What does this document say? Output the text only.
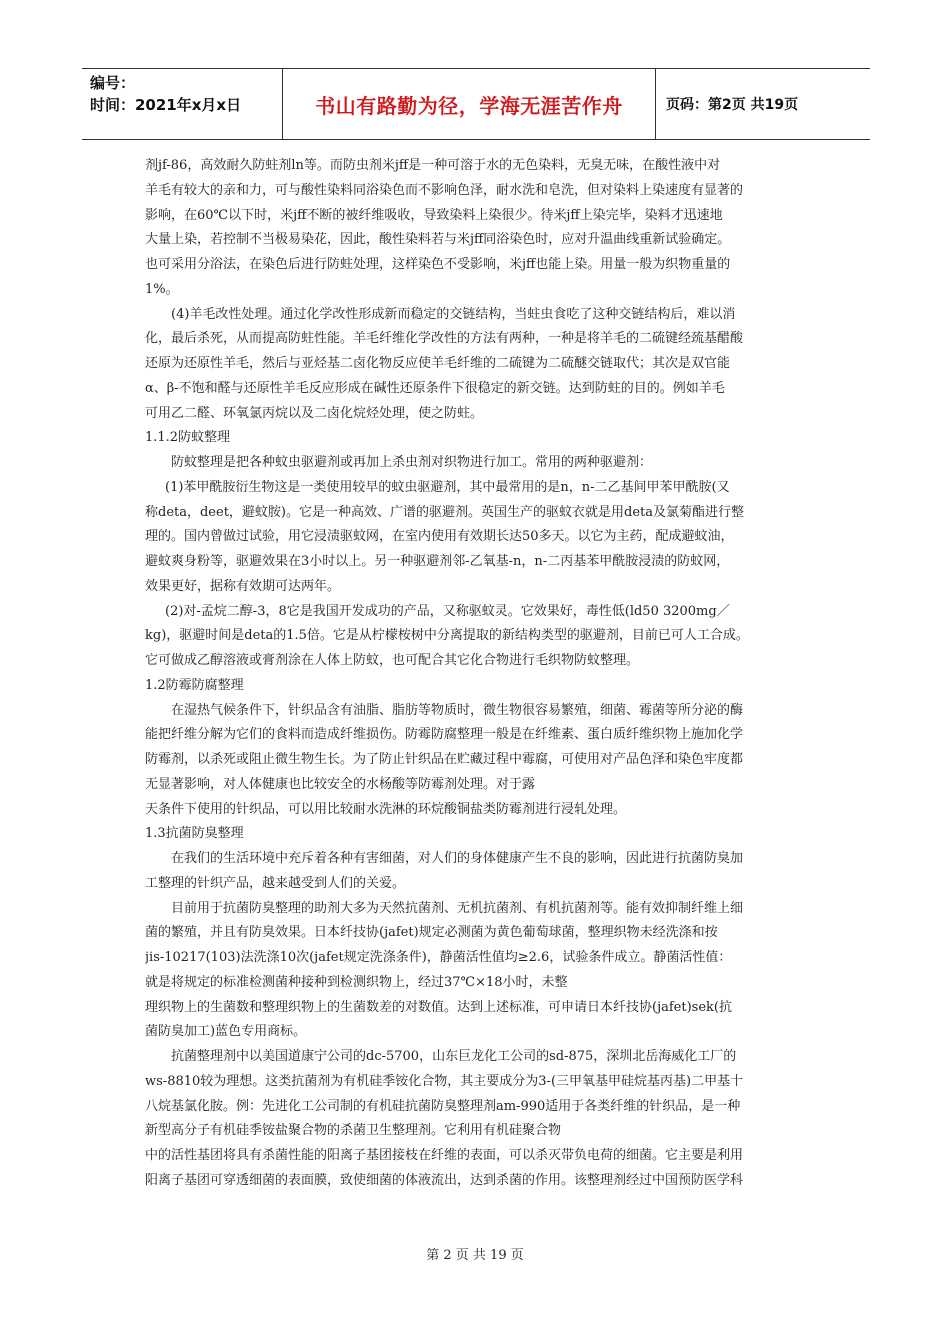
编号：
时间：2021年x月x日	书山有路勤为径，学海无涯苦作舟	页码：第2页 共19页
剂jf-86，高效耐久防蛀剂ln等。而防虫剂米jff是一种可溶于水的无色染料，无臭无味，在酸性液中对
羊毛有较大的亲和力，可与酸性染料同浴染色而不影响色泽，耐水洗和皂洗，但对染料上染速度有显著的
影响，在60℃以下时，米jff不断的被纤维吸收，导致染料上染很少。待米jff上染完毕，染料才迅速地
大量上染，若控制不当极易染花，因此，酸性染料若与米jff同浴染色时，应对升温曲线重新试验确定。
也可采用分浴法，在染色后进行防蛀处理，这样染色不受影响，米jff也能上染。用量一般为织物重量的
1%。
(4)羊毛改性处理。通过化学改性形成新而稳定的交链结构，当蛀虫食吃了这种交链结构后，难以消
化，最后杀死，从而提高防蛀性能。羊毛纤维化学改性的方法有两种，一种是将羊毛的二硫键经巯基醋酸
还原为还原性羊毛，然后与亚烃基二卤化物反应使羊毛纤维的二硫键为二硫醚交链取代；其次是双官能
α、β-不饱和醛与还原性羊毛反应形成在碱性还原条件下很稳定的新交链。达到防蛀的目的。例如羊毛
可用乙二醛、环氧氯丙烷以及二卤化烷烃处理，使之防蛀。
1.1.2防蚊整理
防蚊整理是把各种蚊虫驱避剂或再加上杀虫剂对织物进行加工。常用的两种驱避剂：
(1)苯甲酰胺衍生物这是一类使用较早的蚊虫驱避剂，其中最常用的是n，n-二乙基间甲苯甲酰胺(又
称deta，deet，避蚊胺)。它是一种高效、广谱的驱避剂。英国生产的驱蚊衣就是用deta及氯菊酯进行整
理的。国内曾做过试验，用它浸渍驱蚊网，在室内使用有效期长达50多天。以它为主药，配成避蚊油，
避蚊爽身粉等，驱避效果在3小时以上。另一种驱避剂邻-乙氧基-n，n-二丙基苯甲酰胺浸渍的防蚊网，
效果更好，据称有效期可达两年。
(2)对-孟烷二醇-3，8它是我国开发成功的产品，又称驱蚊灵。它效果好，毒性低(ld50 3200mg／
kg)，驱避时间是deta的1.5倍。它是从柠檬桉树中分离提取的新结构类型的驱避剂，目前已可人工合成。
它可做成乙醇溶液或膏剂涂在人体上防蚊，也可配合其它化合物进行毛织物防蚊整理。
1.2防霉防腐整理
在湿热气候条件下，针织品含有油脂、脂肪等物质时，微生物很容易繁殖，细菌、霉菌等所分泌的酶
能把纤维分解为它们的食料而造成纤维损伤。防霉防腐整理一般是在纤维素、蛋白质纤维织物上施加化学
防霉剂，以杀死或阻止微生物生长。为了防止针织品在贮藏过程中霉腐，可使用对产品色泽和染色牢度都
无显著影响，对人体健康也比较安全的水杨酸等防霉剂处理。对于露
天条件下使用的针织品，可以用比较耐水洗淋的环烷酸铜盐类防霉剂进行浸轧处理。
1.3抗菌防臭整理
在我们的生活环境中充斥着各种有害细菌，对人们的身体健康产生不良的影响，因此进行抗菌防臭加
工整理的针织产品，越来越受到人们的关爱。
目前用于抗菌防臭整理的助剂大多为天然抗菌剂、无机抗菌剂、有机抗菌剂等。能有效抑制纤维上细
菌的繁殖，并且有防臭效果。日本纤技协(jafet)规定必测菌为黄色葡萄球菌，整理织物未经洗涤和按
jis-10217(103)法洗涤10次(jafet规定洗涤条件)，静菌活性值均≥2.6，试验条件成立。静菌活性值：
就是将规定的标准检测菌种接种到检测织物上，经过37℃×18小时，未整
理织物上的生菌数和整理织物上的生菌数差的对数值。达到上述标准，可申请日本纤技协(jafet)sek(抗
菌防臭加工)蓝色专用商标。
抗菌整理剂中以美国道康宁公司的dc-5700，山东巨龙化工公司的sd-875，深圳北岳海威化工厂的
ws-8810较为理想。这类抗菌剂为有机硅季铵化合物，其主要成分为3-(三甲氧基甲硅烷基丙基)二甲基十
八烷基氯化胺。例：先进化工公司制的有机硅抗菌防臭整理剂am-990适用于各类纤维的针织品，是一种
新型高分子有机硅季铵盐聚合物的杀菌卫生整理剂。它利用有机硅聚合物
中的活性基团将具有杀菌性能的阳离子基团接枝在纤维的表面，可以杀灭带负电荷的细菌。它主要是利用
阳离子基团可穿透细菌的表面膜，致使细菌的体液流出，达到杀菌的作用。该整理剂经过中国预防医学科
第 2 页 共 19 页
